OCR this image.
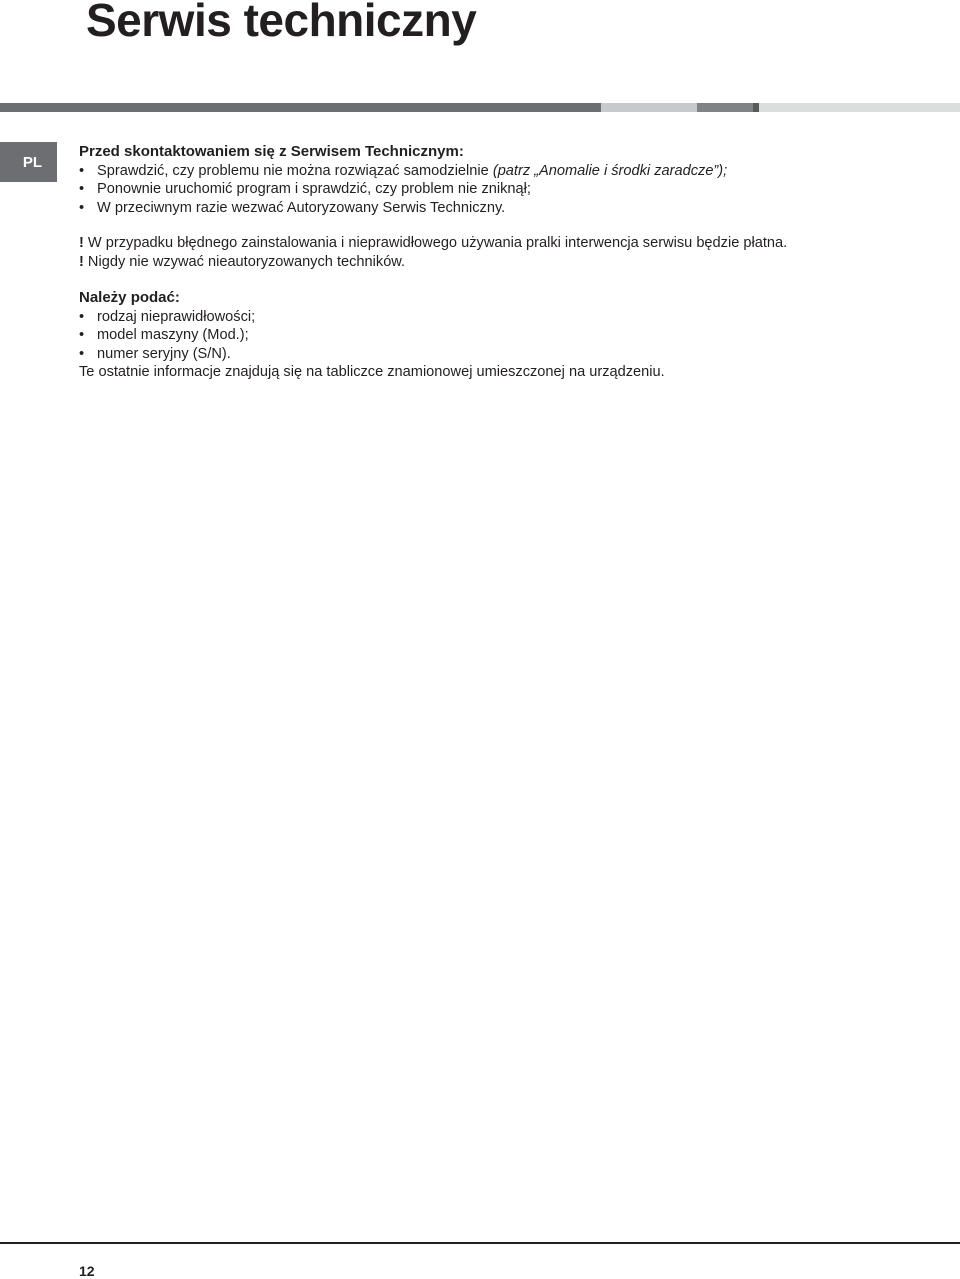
Serwis techniczny
PL

Przed skontaktowaniem się z Serwisem Technicznym:

• Sprawdzić, czy problemu nie można rozwiązać samodzielnie (patrz „Anomalie i środki zaradcze”);
• Ponownie uruchomić program i sprawdzić, czy problem nie zniknął;
• W przeciwnym razie wezwać Autoryzowany Serwis Techniczny.

! W przypadku błędnego zainstalowania i nieprawidłowego używania pralki interwencja serwisu będzie płatna.

! Nigdy nie wzywać nieautoryzowanych techników.

Należy podać:

• rodzaj nieprawidłowości;
• model maszyny (Mod.);
• numer seryjny (S/N).

Te ostatnie informacje znajdują się na tabliczce znamionowej umieszczonej na urządzeniu.

12
